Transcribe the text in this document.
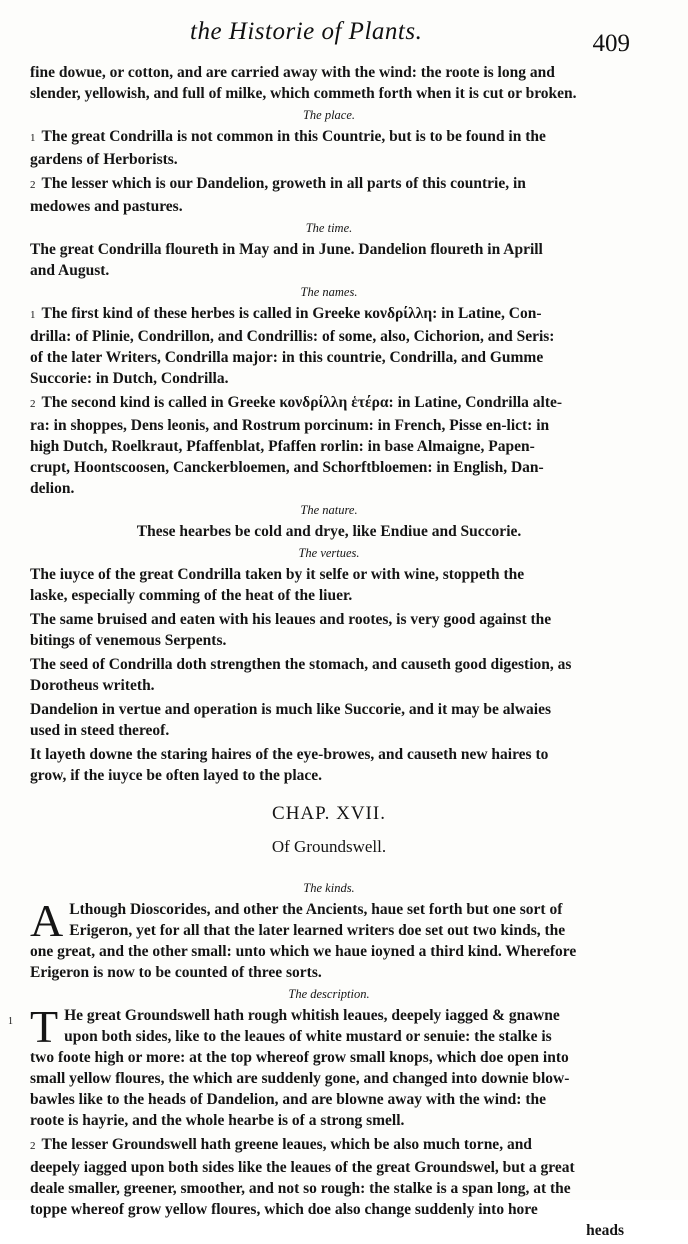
the Historie of Plants.	409
fine dowue, or cotton, and are carried away with the wind: the roote is long and
slender, yellowish, and full of milke, which commeth forth when it is cut or broken.
The place.
1 The great Condrilla is not common in this Countrie, but is to be found in the
gardens of Herborists.
2 The lesser which is our Dandelion, groweth in all parts of this countrie, in
medowes and pastures.
The time.
The great Condrilla floureth in May and in June. Dandelion floureth in Aprill
and August.
The names.
1 The first kind of these herbes is called in Greeke κονδρίλλη: in Latine, Con-
drilla: of Plinie, Condrillon, and Condrillis: of some, also, Cichorion, and Seris:
of the later Writers, Condrilla major: in this countrie, Condrilla, and Gumme
Succorie: in Dutch, Condrilla.
2 The second kind is called in Greeke κονδρίλλη ἑτέρα: in Latine, Condrilla alte-
ra: in shoppes, Dens leonis, and Rostrum porcinum: in French, Pisse en-lict: in
high Dutch, Roelkraut, Pfaffenblat, Pfaffen rorlin: in base Almaigne, Papen-
crupt, Hoontscoosen, Canckerbloemen, and Schorftbloemen: in English, Dan-
delion.
The nature.
These hearbes be cold and drye, like Endiue and Succorie.
The vertues.
The iuyce of the great Condrilla taken by it selfe or with wine, stoppeth the
laske, especially comming of the heat of the liuer.
The same bruised and eaten with his leaues and rootes, is very good against the
bitings of venemous Serpents.
The seed of Condrilla doth strengthen the stomach, and causeth good digestion, as
Dorotheus writeth.
Dandelion in vertue and operation is much like Succorie, and it may be alwaies
used in steed thereof.
It layeth downe the staring haires of the eye-browes, and causeth new haires to
grow, if the iuyce be often layed to the place.
CHAP. XVII.
Of Groundswell.
The kinds.
A Lthough Dioscorides, and other the Ancients, haue set forth but one sort of
Erigeron, yet for all that the later learned writers doe set out two kinds, the
one great, and the other small: unto which we haue ioyned a third kind. Wherefore
Erigeron is now to be counted of three sorts.
The description.
1 T He great Groundswell hath rough whitish leaues, deepely iagged & gnawne
upon both sides, like to the leaues of white mustard or senuie: the stalke is
two foote high or more: at the top whereof grow small knops, which doe open into
small yellow floures, the which are suddenly gone, and changed into downie blow-
bawles like to the heads of Dandelion, and are blowne away with the wind: the
roote is hayrie, and the whole hearbe is of a strong smell.
2 The lesser Groundswell hath greene leaues, which be also much torne, and
deepely iagged upon both sides like the leaues of the great Groundswel, but a great
deale smaller, greener, smoother, and not so rough: the stalke is a span long, at the
toppe whereof grow yellow floures, which doe also change suddenly into hore
heads
